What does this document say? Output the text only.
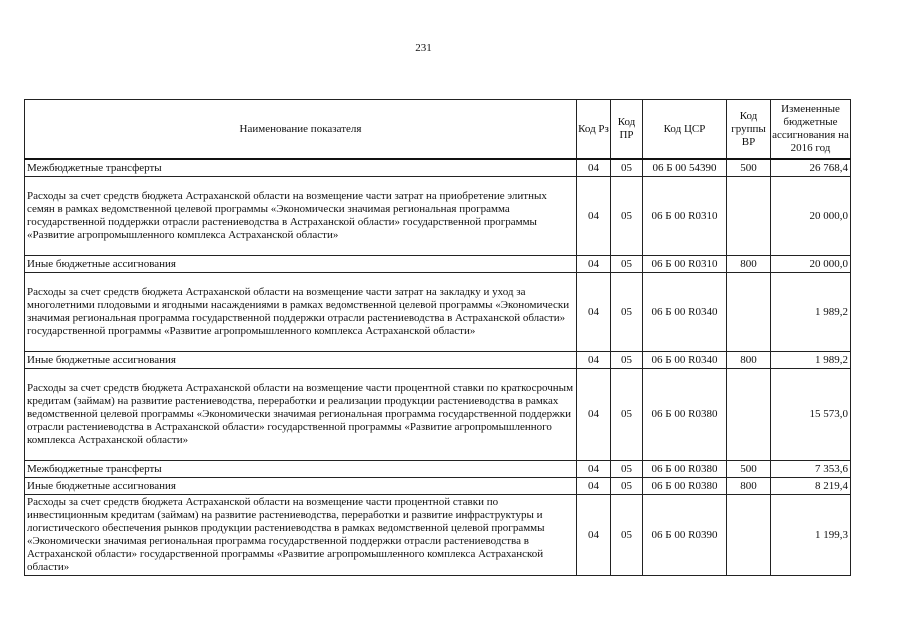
231
Наименование показателя	Код Рз	Код ПР	Код ЦСР	Код группы ВР	Измененные бюджетные ассигнования на 2016 год
Межбюджетные трансферты	04	05	06 Б 00 54390	500	26 768,4
Расходы за счет средств бюджета Астраханской области на возмещение части затрат на приобретение элитных семян в рамках ведомственной целевой программы «Экономически значимая региональная программа государственной поддержки отрасли растениеводства в Астраханской области» государственной программы «Развитие агропромышленного комплекса Астраханской области»	04	05	06 Б 00 R0310		20 000,0
Иные бюджетные ассигнования	04	05	06 Б 00 R0310	800	20 000,0
Расходы за счет средств бюджета Астраханской области на возмещение части затрат на закладку и уход за многолетними плодовыми и ягодными насаждениями в рамках ведомственной целевой программы «Экономически значимая региональная программа государственной поддержки отрасли растениеводства в Астраханской области» государственной программы «Развитие агропромышленного комплекса Астраханской области»	04	05	06 Б 00 R0340		1 989,2
Иные бюджетные ассигнования	04	05	06 Б 00 R0340	800	1 989,2
Расходы за счет средств бюджета Астраханской области на возмещение части процентной ставки по краткосрочным кредитам (займам) на развитие растениеводства, переработки и реализации продукции растениеводства в рамках ведомственной целевой программы «Экономически значимая региональная программа государственной поддержки отрасли растениеводства в Астраханской области» государственной программы «Развитие агропромышленного комплекса Астраханской области»	04	05	06 Б 00 R0380		15 573,0
Межбюджетные трансферты	04	05	06 Б 00 R0380	500	7 353,6
Иные бюджетные ассигнования	04	05	06 Б 00 R0380	800	8 219,4
Расходы за счет средств бюджета Астраханской области на возмещение части процентной ставки по инвестиционным кредитам (займам) на развитие растениеводства, переработки и развитие инфраструктуры и логистического обеспечения рынков продукции растениеводства в рамках ведомственной целевой программы «Экономически значимая региональная программа государственной поддержки отрасли растениеводства в Астраханской области» государственной программы «Развитие агропромышленного комплекса Астраханской области»	04	05	06 Б 00 R0390		1 199,3
